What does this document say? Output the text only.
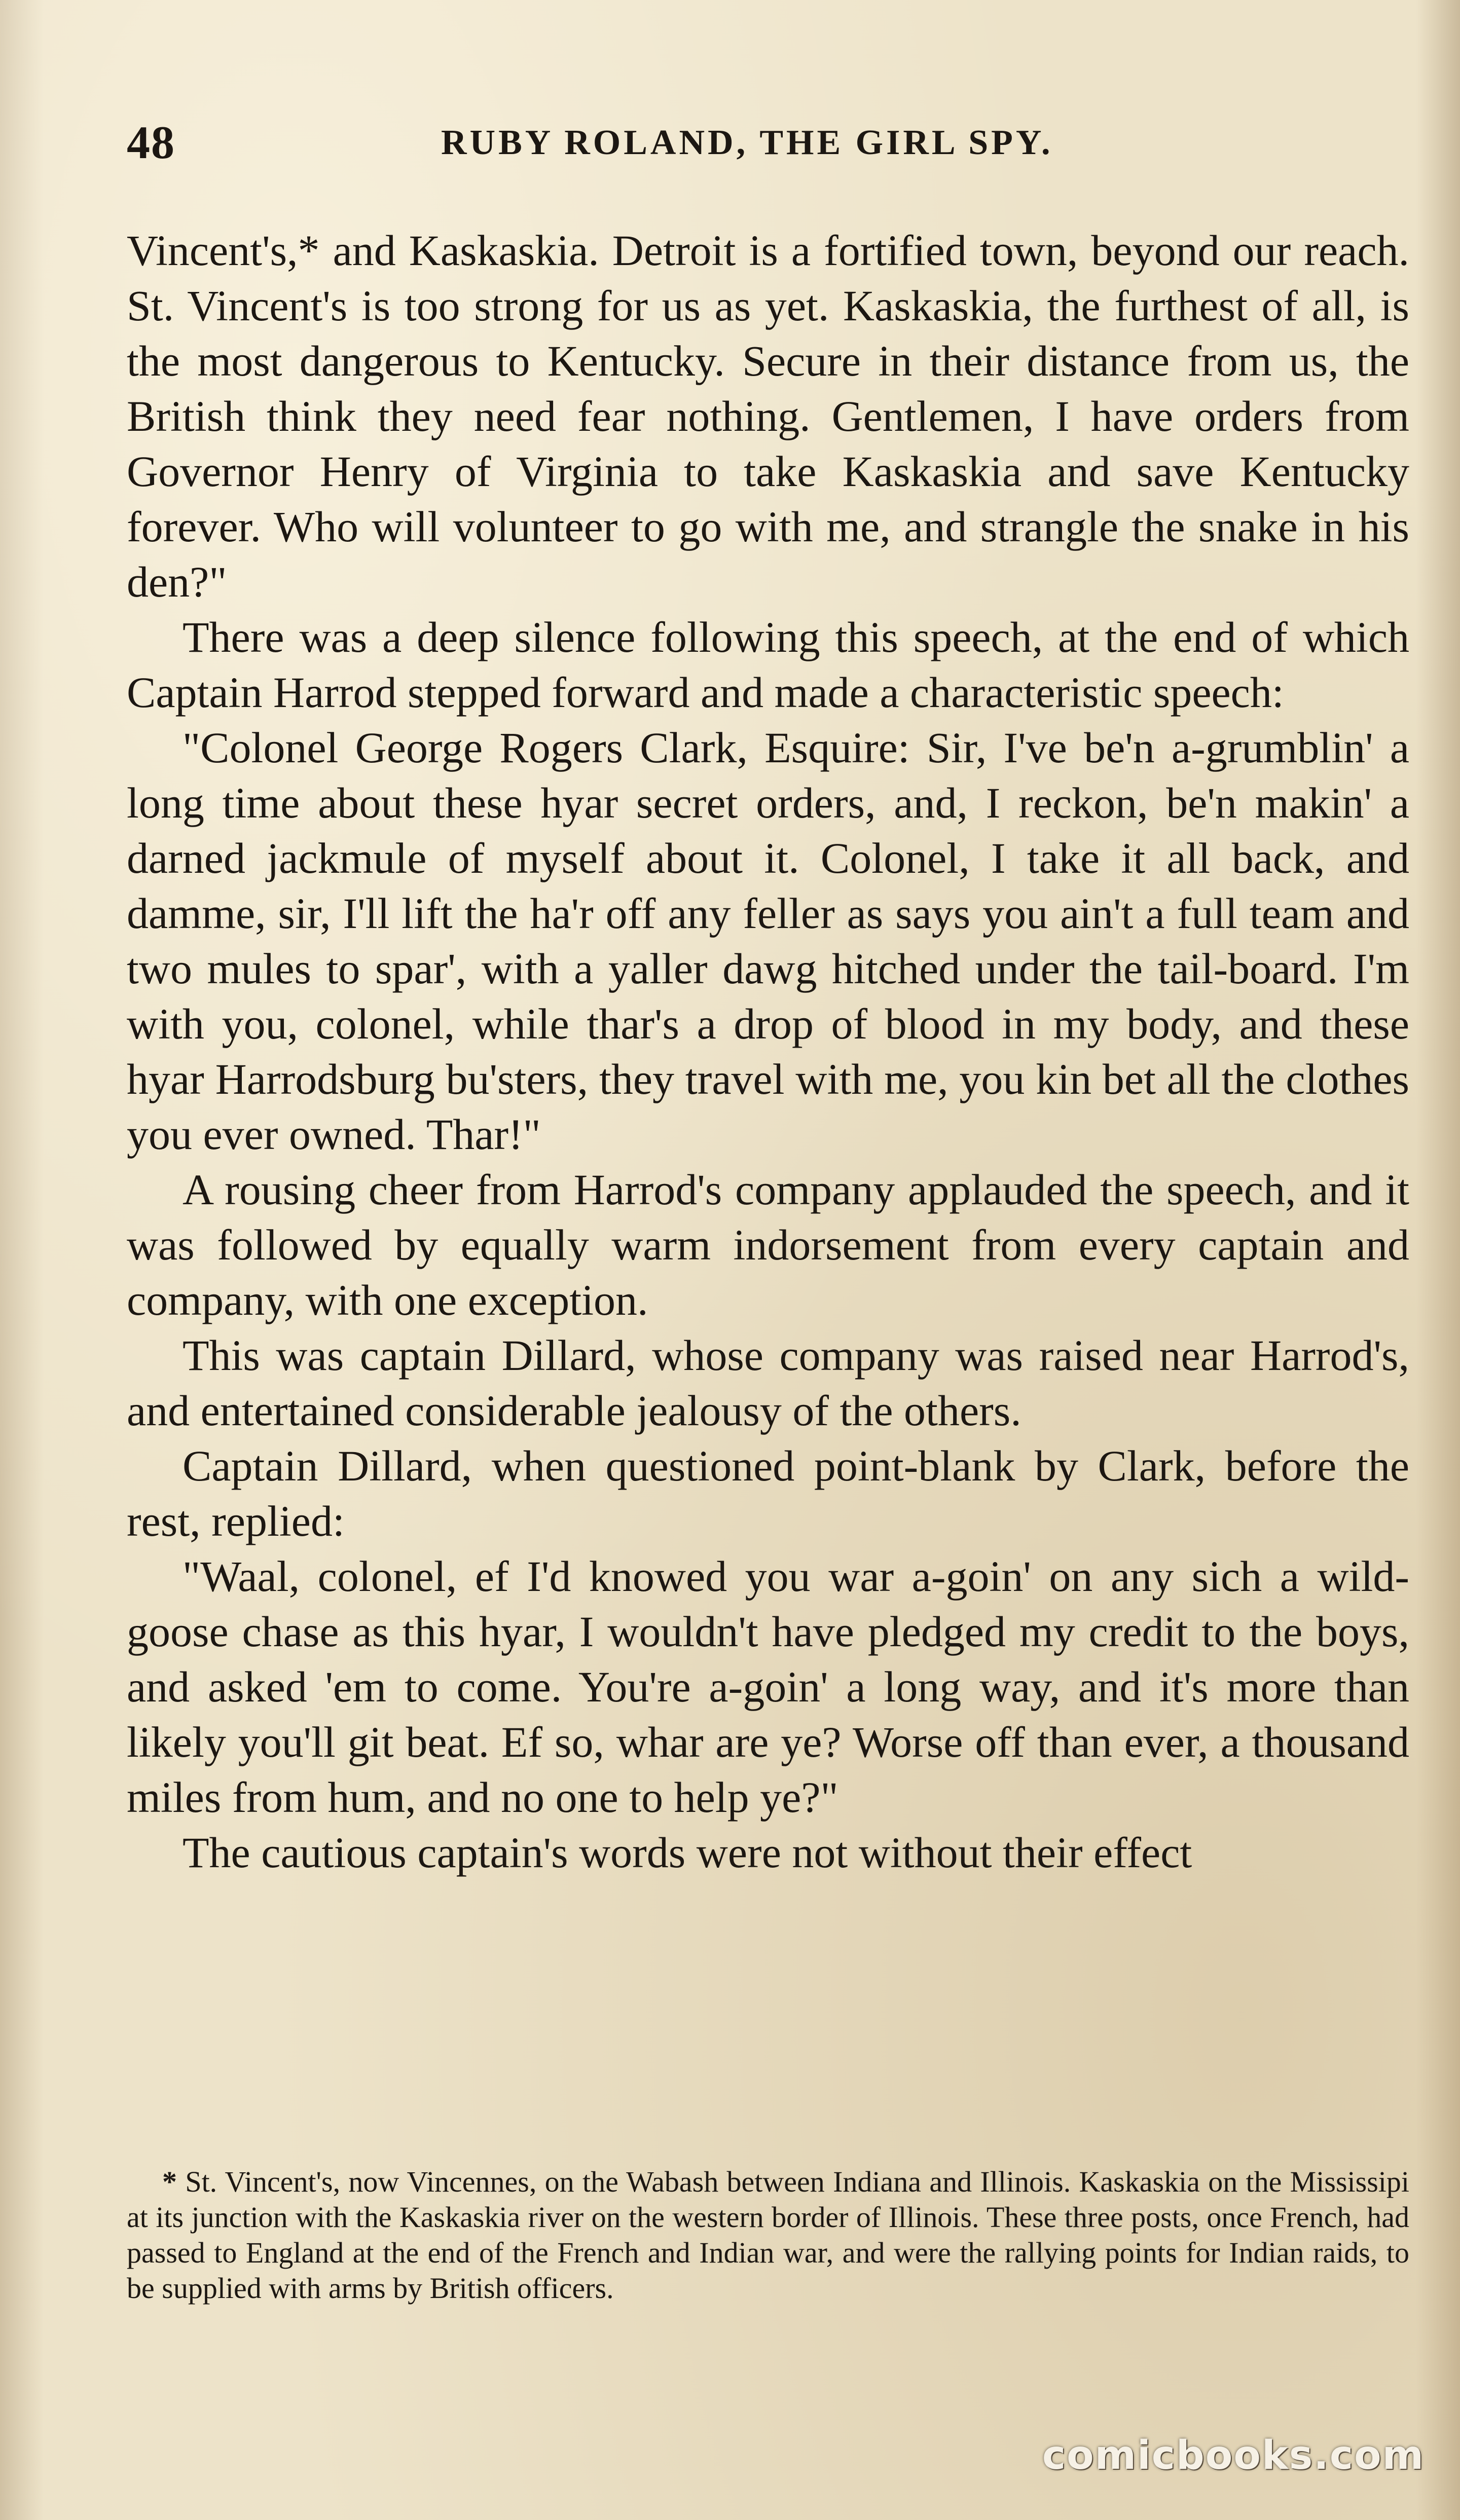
48	RUBY ROLAND, THE GIRL SPY.

Vincent's,* and Kaskaskia. Detroit is a fortified town, beyond our reach. St. Vincent's is too strong for us as yet. Kaskaskia, the furthest of all, is the most dangerous to Kentucky. Secure in their distance from us, the British think they need fear nothing. Gentlemen, I have orders from Governor Henry of Virginia to take Kaskaskia and save Kentucky forever. Who will volunteer to go with me, and strangle the snake in his den?"

There was a deep silence following this speech, at the end of which Captain Harrod stepped forward and made a characteristic speech:

"Colonel George Rogers Clark, Esquire: Sir, I've be'n a-grumblin' a long time about these hyar secret orders, and, I reckon, be'n makin' a darned jackmule of myself about it. Colonel, I take it all back, and damme, sir, I'll lift the ha'r off any feller as says you ain't a full team and two mules to spar', with a yaller dawg hitched under the tail-board. I'm with you, colonel, while thar's a drop of blood in my body, and these hyar Harrodsburg bu'sters, they travel with me, you kin bet all the clothes you ever owned. Thar!"

A rousing cheer from Harrod's company applauded the speech, and it was followed by equally warm indorsement from every captain and company, with one exception.

This was captain Dillard, whose company was raised near Harrod's, and entertained considerable jealousy of the others.

Captain Dillard, when questioned point-blank by Clark, before the rest, replied:

"Waal, colonel, ef I'd knowed you war a-goin' on any sich a wild-goose chase as this hyar, I wouldn't have pledged my credit to the boys, and asked 'em to come. You're a-goin' a long way, and it's more than likely you'll git beat. Ef so, whar are ye? Worse off than ever, a thousand miles from hum, and no one to help ye?"

The cautious captain's words were not without their effect

* St. Vincent's, now Vincennes, on the Wabash between Indiana and Illinois. Kaskaskia on the Mississipi at its junction with the Kaskaskia river on the western border of Illinois. These three posts, once French, had passed to England at the end of the French and Indian war, and were the rallying points for Indian raids, to be supplied with arms by British officers.

comicbooks.com
